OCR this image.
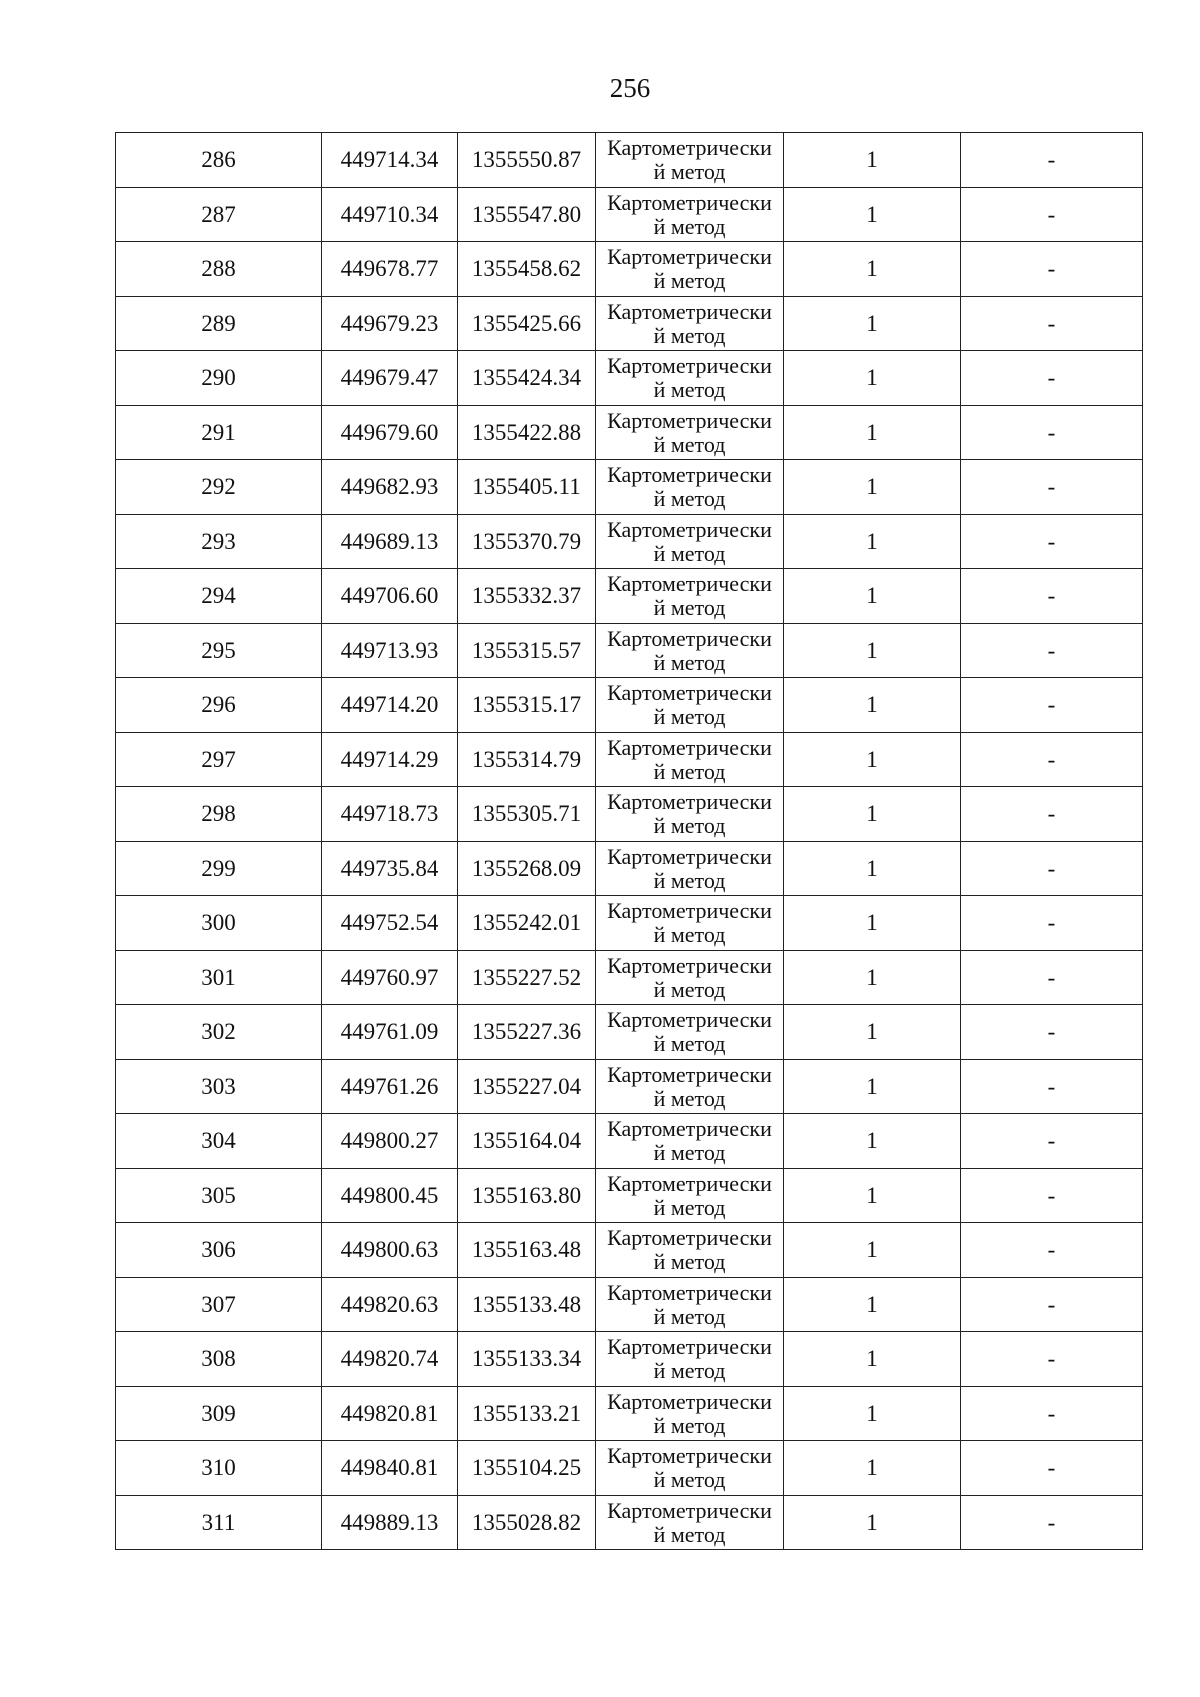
256
286	449714.34	1355550.87	Картометрически
й метод	1	-
287	449710.34	1355547.80	Картометрически
й метод	1	-
288	449678.77	1355458.62	Картометрически
й метод	1	-
289	449679.23	1355425.66	Картометрически
й метод	1	-
290	449679.47	1355424.34	Картометрически
й метод	1	-
291	449679.60	1355422.88	Картометрически
й метод	1	-
292	449682.93	1355405.11	Картометрически
й метод	1	-
293	449689.13	1355370.79	Картометрически
й метод	1	-
294	449706.60	1355332.37	Картометрически
й метод	1	-
295	449713.93	1355315.57	Картометрически
й метод	1	-
296	449714.20	1355315.17	Картометрически
й метод	1	-
297	449714.29	1355314.79	Картометрически
й метод	1	-
298	449718.73	1355305.71	Картометрически
й метод	1	-
299	449735.84	1355268.09	Картометрически
й метод	1	-
300	449752.54	1355242.01	Картометрически
й метод	1	-
301	449760.97	1355227.52	Картометрически
й метод	1	-
302	449761.09	1355227.36	Картометрически
й метод	1	-
303	449761.26	1355227.04	Картометрически
й метод	1	-
304	449800.27	1355164.04	Картометрически
й метод	1	-
305	449800.45	1355163.80	Картометрически
й метод	1	-
306	449800.63	1355163.48	Картометрически
й метод	1	-
307	449820.63	1355133.48	Картометрически
й метод	1	-
308	449820.74	1355133.34	Картометрически
й метод	1	-
309	449820.81	1355133.21	Картометрически
й метод	1	-
310	449840.81	1355104.25	Картометрически
й метод	1	-
311	449889.13	1355028.82	Картометрически
й метод	1	-
